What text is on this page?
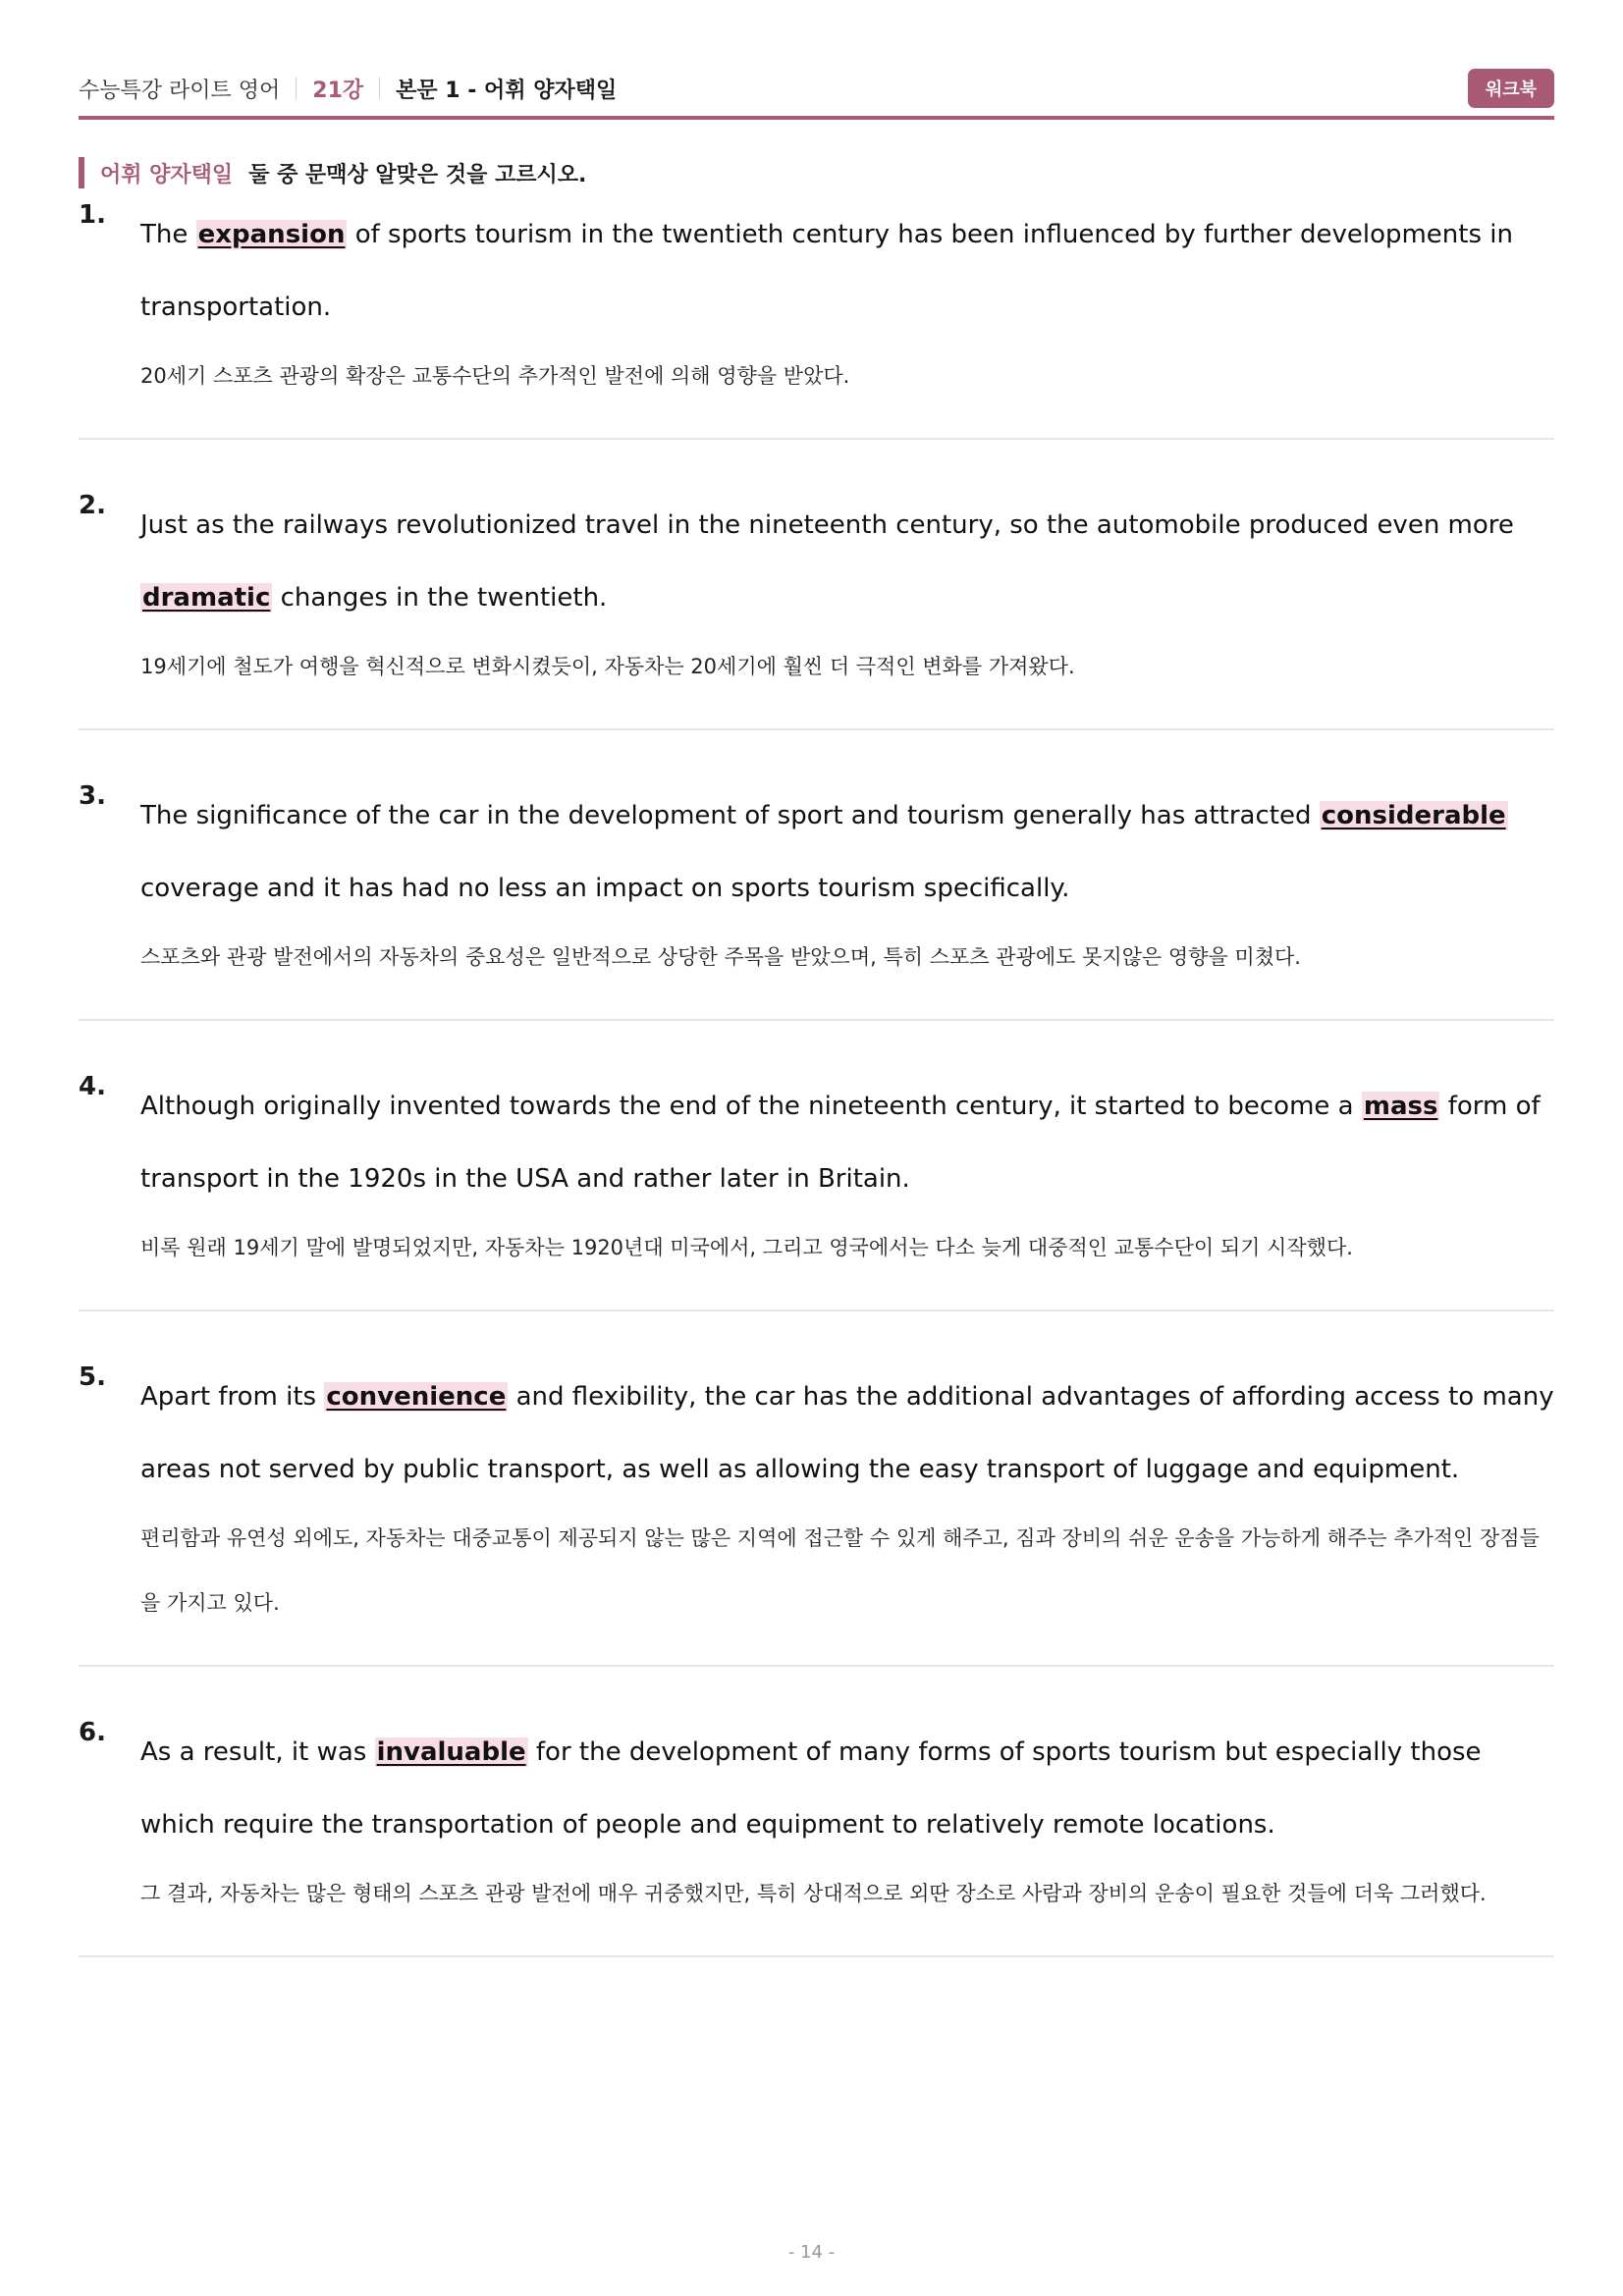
수능특강 라이트 영어 21강 본문 1 - 어휘 양자택일	워크북
어휘 양자택일 둘 중 문맥상 알맞은 것을 고르시오.
1.
The expansion of sports tourism in the twentieth century has been influenced by further developments in transportation.
20세기 스포츠 관광의 확장은 교통수단의 추가적인 발전에 의해 영향을 받았다.
2.
Just as the railways revolutionized travel in the nineteenth century, so the automobile produced even more dramatic changes in the twentieth.
19세기에 철도가 여행을 혁신적으로 변화시켰듯이, 자동차는 20세기에 훨씬 더 극적인 변화를 가져왔다.
3.
The significance of the car in the development of sport and tourism generally has attracted considerable coverage and it has had no less an impact on sports tourism specifically.
스포츠와 관광 발전에서의 자동차의 중요성은 일반적으로 상당한 주목을 받았으며, 특히 스포츠 관광에도 못지않은 영향을 미쳤다.
4.
Although originally invented towards the end of the nineteenth century, it started to become a mass form of transport in the 1920s in the USA and rather later in Britain.
비록 원래 19세기 말에 발명되었지만, 자동차는 1920년대 미국에서, 그리고 영국에서는 다소 늦게 대중적인 교통수단이 되기 시작했다.
5.
Apart from its convenience and flexibility, the car has the additional advantages of affording access to many areas not served by public transport, as well as allowing the easy transport of luggage and equipment.
편리함과 유연성 외에도, 자동차는 대중교통이 제공되지 않는 많은 지역에 접근할 수 있게 해주고, 짐과 장비의 쉬운 운송을 가능하게 해주는 추가적인 장점들을 가지고 있다.
6.
As a result, it was invaluable for the development of many forms of sports tourism but especially those which require the transportation of people and equipment to relatively remote locations.
그 결과, 자동차는 많은 형태의 스포츠 관광 발전에 매우 귀중했지만, 특히 상대적으로 외딴 장소로 사람과 장비의 운송이 필요한 것들에 더욱 그러했다.
- 14 -
